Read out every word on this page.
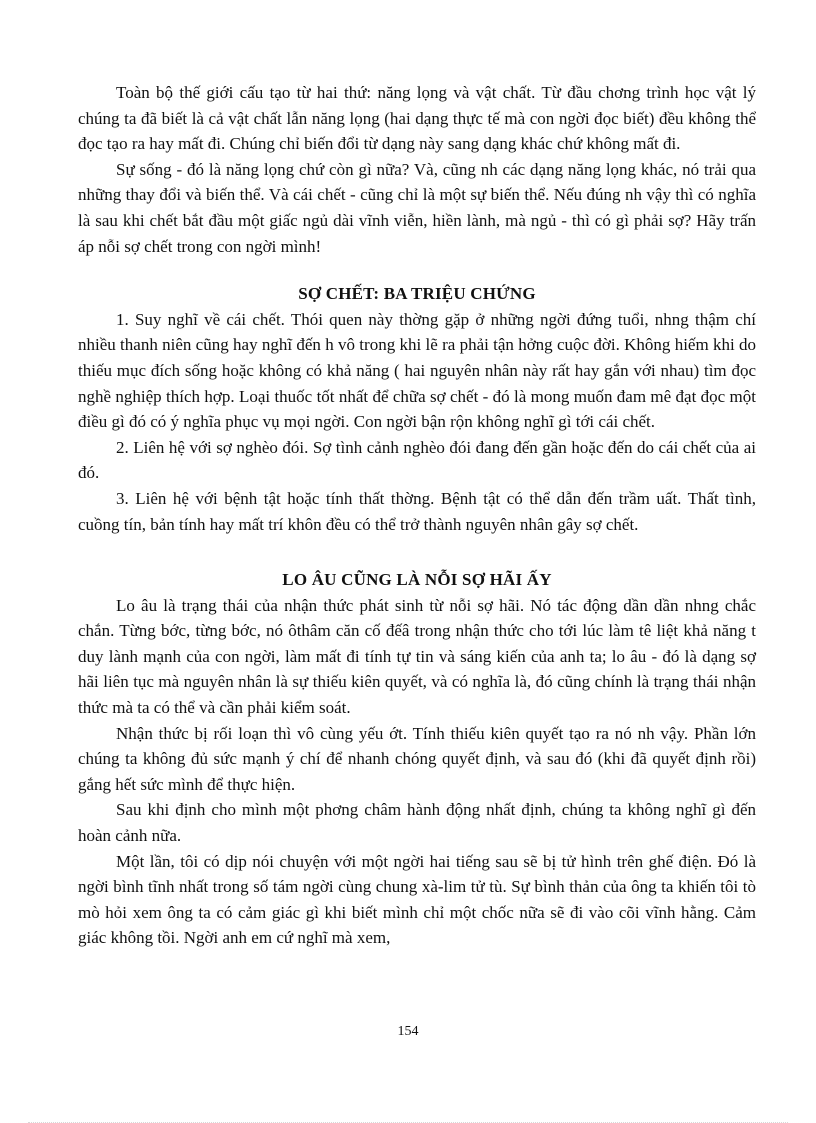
Toàn bộ thế giới cấu tạo từ hai thứ: năng lọng và vật chất. Từ đầu chơng trình học vật lý chúng ta đã biết là cả vật chất lẫn năng lọng (hai dạng thực tế mà con ngời đọc biết) đều không thể đọc tạo ra hay mất đi. Chúng chỉ biến đổi từ dạng này sang dạng khác chứ không mất đi.

Sự sống - đó là năng lọng chứ còn gì nữa? Và, cũng nh các dạng năng lọng khác, nó trải qua những thay đổi và biến thể. Và cái chết - cũng chỉ là một sự biến thể. Nếu đúng nh vậy thì có nghĩa là sau khi chết bắt đầu một giấc ngủ dài vĩnh viễn, hiền lành, mà ngủ - thì có gì phải sợ? Hãy trấn áp nỗi sợ chết trong con ngời mình!

SỢ CHẾT: BA TRIỆU CHỨNG

1. Suy nghĩ về cái chết. Thói quen này thờng gặp ở những ngời đứng tuổi, nhng thậm chí nhiều thanh niên cũng hay nghĩ đến h vô trong khi lẽ ra phải tận hởng cuộc đời. Không hiếm khi do thiếu mục đích sống hoặc không có khả năng ( hai nguyên nhân này rất hay gắn với nhau) tìm đọc nghề nghiệp thích hợp. Loại thuốc tốt nhất để chữa sợ chết - đó là mong muốn đam mê đạt đọc một điều gì đó có ý nghĩa phục vụ mọi ngời. Con ngời bận rộn không nghĩ gì tới cái chết.

2. Liên hệ với sợ nghèo đói. Sợ tình cảnh nghèo đói đang đến gần hoặc đến do cái chết của ai đó.

3. Liên hệ với bệnh tật hoặc tính thất thờng. Bệnh tật có thể dẫn đến trầm uất. Thất tình, cuồng tín, bản tính hay mất trí khôn đều có thể trở thành nguyên nhân gây sợ chết.

LO ÂU CŨNG LÀ NỖI SỢ HÃI ẤY

Lo âu là trạng thái của nhận thức phát sinh từ nỗi sợ hãi. Nó tác động dần dần nhng chắc chắn. Từng bớc, từng bớc, nó ôthâm căn cố đếâ trong nhận thức cho tới lúc làm tê liệt khả năng t duy lành mạnh của con ngời, làm mất đi tính tự tin và sáng kiến của anh ta; lo âu - đó là dạng sợ hãi liên tục mà nguyên nhân là sự thiếu kiên quyết, và có nghĩa là, đó cũng chính là trạng thái nhận thức mà ta có thể và cần phải kiểm soát.

Nhận thức bị rối loạn thì vô cùng yếu ớt. Tính thiếu kiên quyết tạo ra nó nh vậy. Phần lớn chúng ta không đủ sức mạnh ý chí để nhanh chóng quyết định, và sau đó (khi đã quyết định rồi) gắng hết sức mình để thực hiện.

Sau khi định cho mình một phơng châm hành động nhất định, chúng ta không nghĩ gì đến hoàn cảnh nữa.

Một lần, tôi có dịp nói chuyện với một ngời hai tiếng sau sẽ bị tử hình trên ghế điện. Đó là ngời bình tĩnh nhất trong số tám ngời cùng chung xà-lim tử tù. Sự bình thản của ông ta khiến tôi tò mò hỏi xem ông ta có cảm giác gì khi biết mình chỉ một chốc nữa sẽ đi vào cõi vĩnh hằng. Cảm giác không tồi. Ngời anh em cứ nghĩ mà xem,

154
